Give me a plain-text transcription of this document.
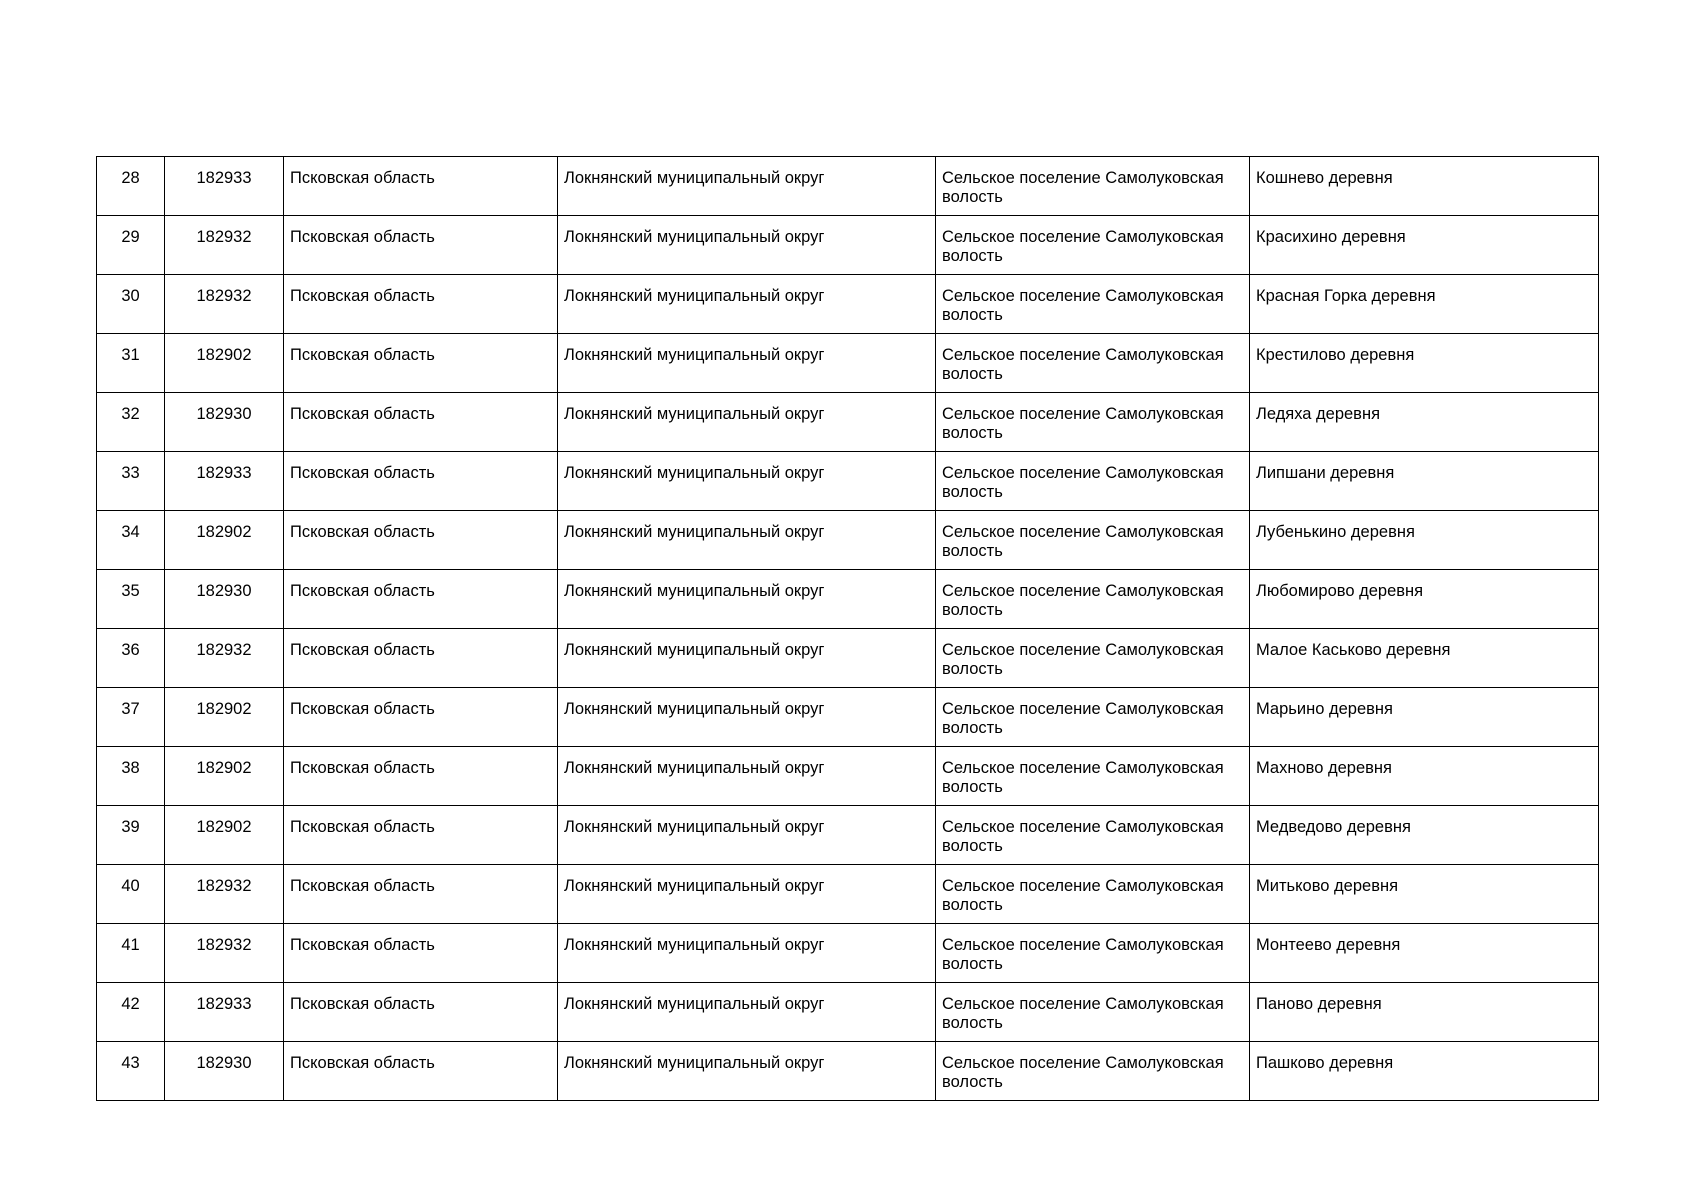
28	182933	Псковская область	Локнянский муниципальный округ	Сельское поселение Самолуковская волость	Кошнево деревня
29	182932	Псковская область	Локнянский муниципальный округ	Сельское поселение Самолуковская волость	Красихино деревня
30	182932	Псковская область	Локнянский муниципальный округ	Сельское поселение Самолуковская волость	Красная Горка деревня
31	182902	Псковская область	Локнянский муниципальный округ	Сельское поселение Самолуковская волость	Крестилово деревня
32	182930	Псковская область	Локнянский муниципальный округ	Сельское поселение Самолуковская волость	Ледяха деревня
33	182933	Псковская область	Локнянский муниципальный округ	Сельское поселение Самолуковская волость	Липшани деревня
34	182902	Псковская область	Локнянский муниципальный округ	Сельское поселение Самолуковская волость	Лубенькино деревня
35	182930	Псковская область	Локнянский муниципальный округ	Сельское поселение Самолуковская волость	Любомирово деревня
36	182932	Псковская область	Локнянский муниципальный округ	Сельское поселение Самолуковская волость	Малое Каськово деревня
37	182902	Псковская область	Локнянский муниципальный округ	Сельское поселение Самолуковская волость	Марьино деревня
38	182902	Псковская область	Локнянский муниципальный округ	Сельское поселение Самолуковская волость	Махново деревня
39	182902	Псковская область	Локнянский муниципальный округ	Сельское поселение Самолуковская волость	Медведово деревня
40	182932	Псковская область	Локнянский муниципальный округ	Сельское поселение Самолуковская волость	Митьково деревня
41	182932	Псковская область	Локнянский муниципальный округ	Сельское поселение Самолуковская волость	Монтеево деревня
42	182933	Псковская область	Локнянский муниципальный округ	Сельское поселение Самолуковская волость	Паново деревня
43	182930	Псковская область	Локнянский муниципальный округ	Сельское поселение Самолуковская волость	Пашково деревня
